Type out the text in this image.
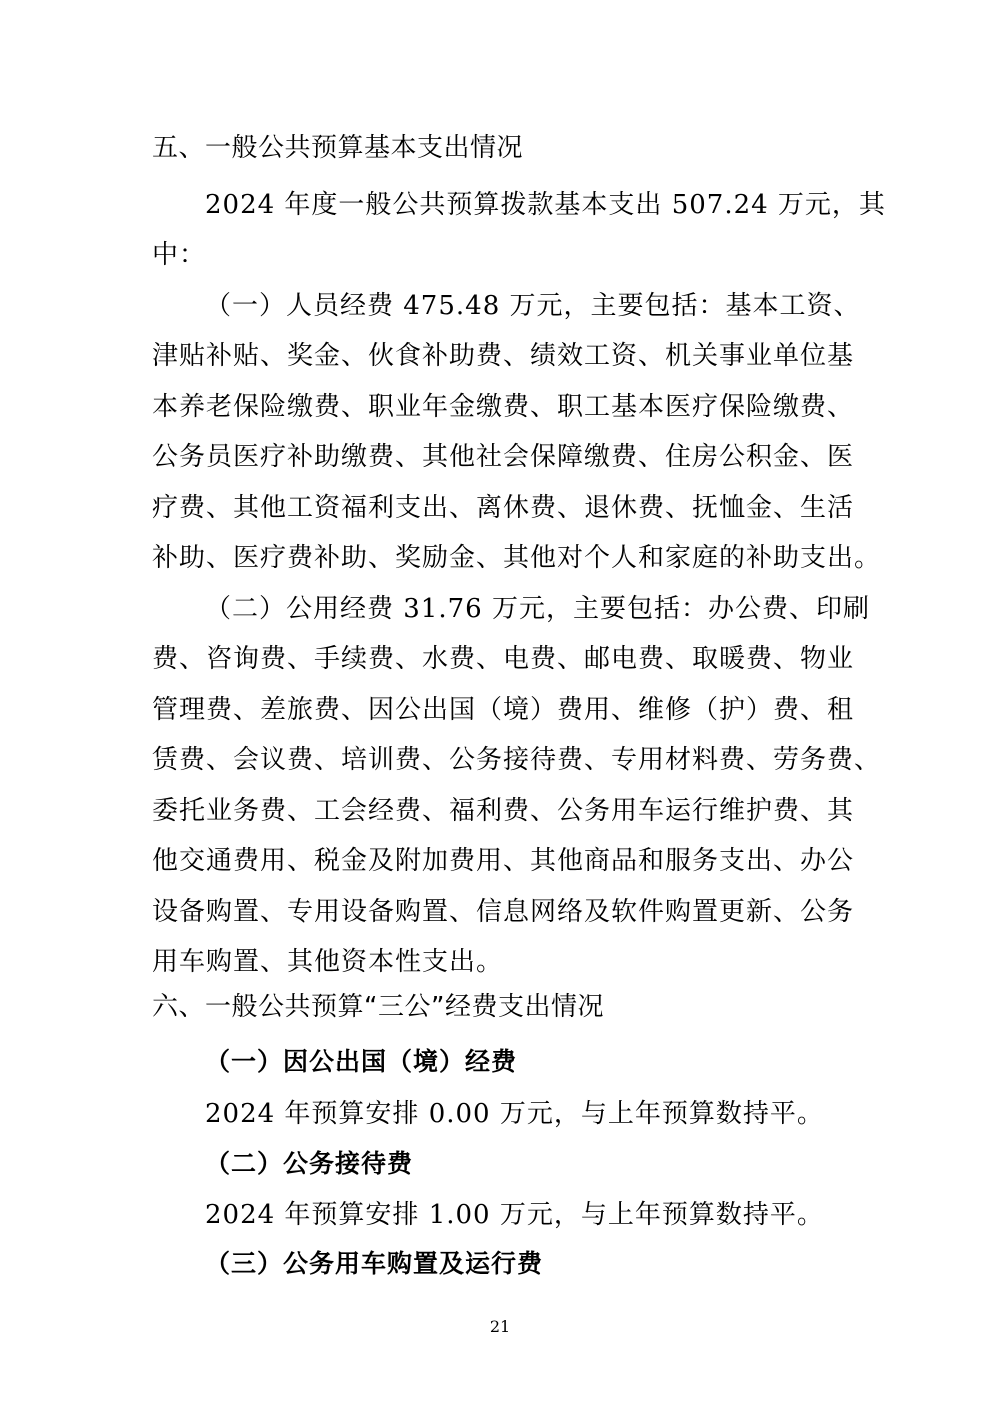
五、一般公共预算基本支出情况
2024 年度一般公共预算拨款基本支出 507.24 万元，其
中：
（一）人员经费 475.48 万元，主要包括：基本工资、
津贴补贴、奖金、伙食补助费、绩效工资、机关事业单位基
本养老保险缴费、职业年金缴费、职工基本医疗保险缴费、
公务员医疗补助缴费、其他社会保障缴费、住房公积金、医
疗费、其他工资福利支出、离休费、退休费、抚恤金、生活
补助、医疗费补助、奖励金、其他对个人和家庭的补助支出。
（二）公用经费 31.76 万元，主要包括：办公费、印刷
费、咨询费、手续费、水费、电费、邮电费、取暖费、物业
管理费、差旅费、因公出国（境）费用、维修（护）费、租
赁费、会议费、培训费、公务接待费、专用材料费、劳务费、
委托业务费、工会经费、福利费、公务用车运行维护费、其
他交通费用、税金及附加费用、其他商品和服务支出、办公
设备购置、专用设备购置、信息网络及软件购置更新、公务
用车购置、其他资本性支出。
六、一般公共预算“三公”经费支出情况
（一）因公出国（境）经费
2024 年预算安排 0.00 万元，与上年预算数持平。
（二）公务接待费
2024 年预算安排 1.00 万元，与上年预算数持平。
（三）公务用车购置及运行费
21
